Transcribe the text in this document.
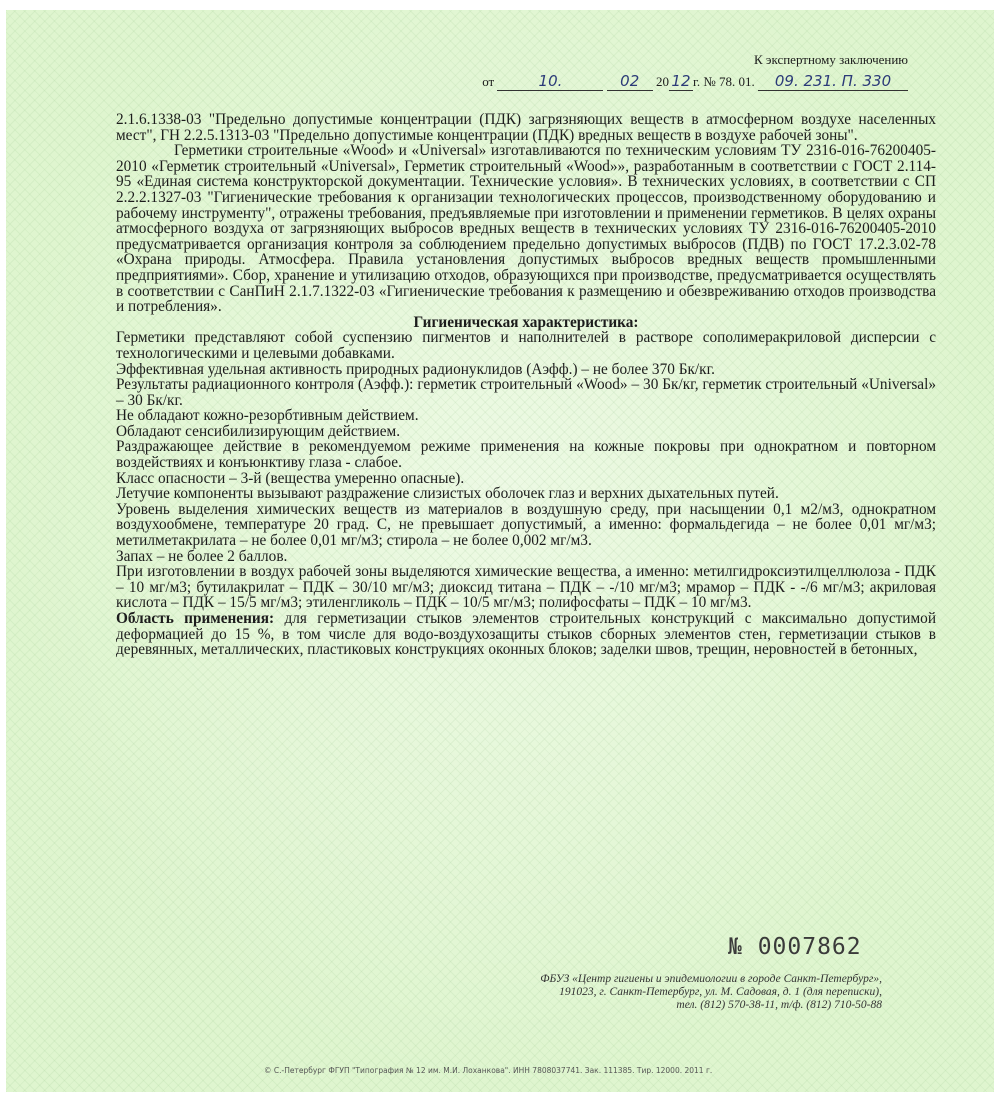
К экспертному заключению
от	10.	02 20 12 г. № 78. 01. 09. 231. П. 330

2.1.6.1338-03 "Предельно допустимые концентрации (ПДК) загрязняющих веществ в атмосферном воздухе населенных мест", ГН 2.2.5.1313-03 "Предельно допустимые концентрации (ПДК) вредных веществ в воздухе рабочей зоны".

Герметики строительные «Wood» и «Universal» изготавливаются по техническим условиям ТУ 2316-016-76200405-2010 «Герметик строительный «Universal», Герметик строительный «Wood»», разработанным в соответствии с ГОСТ 2.114-95 «Единая система конструкторской документации. Технические условия». В технических условиях, в соответствии с СП 2.2.2.1327-03 "Гигиенические требования к организации технологических процессов, производственному оборудованию и рабочему инструменту", отражены требования, предъявляемые при изготовлении и применении герметиков. В целях охраны атмосферного воздуха от загрязняющих выбросов вредных веществ в технических условиях ТУ 2316-016-76200405-2010 предусматривается организация контроля за соблюдением предельно допустимых выбросов (ПДВ) по ГОСТ 17.2.3.02-78 «Охрана природы. Атмосфера. Правила установления допустимых выбросов вредных веществ промышленными предприятиями». Сбор, хранение и утилизацию отходов, образующихся при производстве, предусматривается осуществлять в соответствии с СанПиН 2.1.7.1322-03 «Гигиенические требования к размещению и обезвреживанию отходов производства и потребления».

Гигиеническая характеристика:

Герметики представляют собой суспензию пигментов и наполнителей в растворе сополимеракриловой дисперсии с технологическими и целевыми добавками.

Эффективная удельная активность природных радионуклидов (Аэфф.) – не более 370 Бк/кг.

Результаты радиационного контроля (Аэфф.): герметик строительный «Wood» – 30 Бк/кг, герметик строительный «Universal» – 30 Бк/кг.

Не обладают кожно-резорбтивным действием.

Обладают сенсибилизирующим действием.

Раздражающее действие в рекомендуемом режиме применения на кожные покровы при однократном и повторном воздействиях и конъюнктиву глаза - слабое.

Класс опасности – 3-й (вещества умеренно опасные).

Летучие компоненты вызывают раздражение слизистых оболочек глаз и верхних дыхательных путей.

Уровень выделения химических веществ из материалов в воздушную среду, при насыщении 0,1 м2/м3, однократном воздухообмене, температуре 20 град. С, не превышает допустимый, а именно: формальдегида – не более 0,01 мг/м3; метилметакрилата – не более 0,01 мг/м3; стирола – не более 0,002 мг/м3.

Запах – не более 2 баллов.

При изготовлении в воздух рабочей зоны выделяются химические вещества, а именно: метилгидроксиэтилцеллюлоза - ПДК – 10 мг/м3; бутилакрилат – ПДК – 30/10 мг/м3; диоксид титана – ПДК – -/10 мг/м3; мрамор – ПДК - -/6 мг/м3; акриловая кислота – ПДК – 15/5 мг/м3; этиленгликоль – ПДК – 10/5 мг/м3; полифосфаты – ПДК – 10 мг/м3.

Область применения: для герметизации стыков элементов строительных конструкций с максимально допустимой деформацией до 15 %, в том числе для водо-воздухозащиты стыков сборных элементов стен, герметизации стыков в деревянных, металлических, пластиковых конструкциях оконных блоков; заделки швов, трещин, неровностей в бетонных,

№ 0007862
ФБУЗ «Центр гигиены и эпидемиологии в городе Санкт-Петербург»,
191023, г. Санкт-Петербург, ул. М. Садовая, д. 1 (для переписки),
тел. (812) 570-38-11, т/ф. (812) 710-50-88
© С.-Петербург ФГУП "Типография № 12 им. М.И. Лоханкова". ИНН 7808037741. Зак. 111385. Тир. 12000. 2011 г.
